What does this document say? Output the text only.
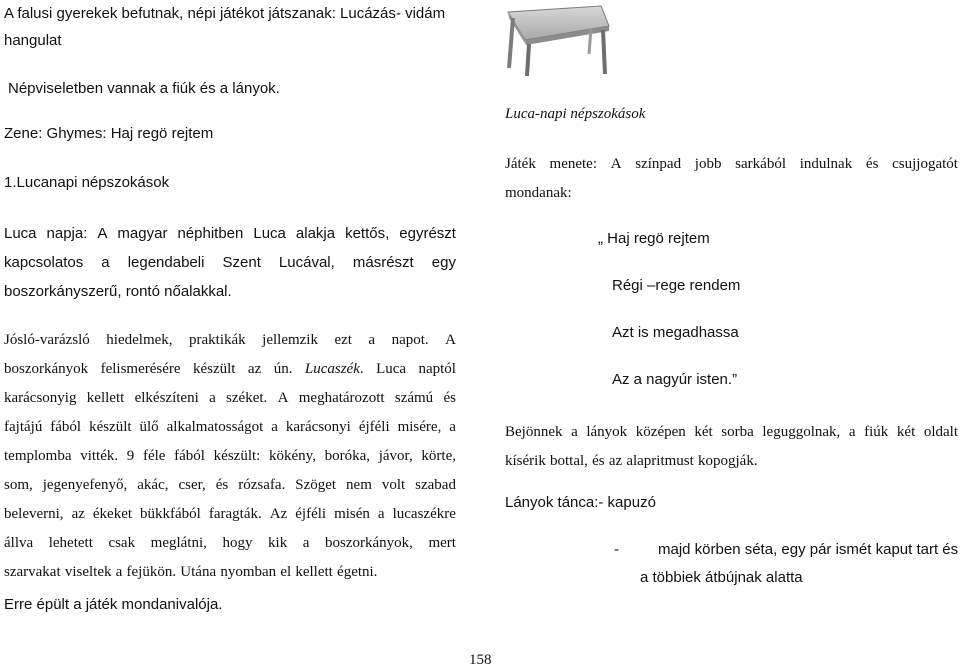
A falusi gyerekek befutnak, népi játékot játszanak: Lucázás- vidám
hangulat
Népviseletben vannak a fiúk és a lányok.
Zene: Ghymes: Haj regö rejtem
1.Lucanapi népszokások
Luca napja: A magyar néphitben Luca alakja kettős, egyrészt
kapcsolatos a legendabeli Szent Lucával, másrészt egy
boszorkányszerű, rontó nőalakkal.
Jósló-varázsló hiedelmek, praktikák jellemzik ezt a napot. A
boszorkányok felismerésére készült az ún. Lucaszék. Luca naptól
karácsonyig kellett elkészíteni a széket. A meghatározott számú és
fajtájú fából készült ülő alkalmatosságot a karácsonyi éjféli misére, a
templomba vitték. 9 féle fából készült: kökény, boróka, jávor, körte,
som, jegenyefenyő, akác, cser, és rózsafa. Szöget nem volt szabad
beleverni, az ékeket bükkfából faragták. Az éjféli misén a lucaszékre
állva lehetett csak meglátni, hogy kik a boszorkányok, mert
szarvakat viseltek a fejükön. Utána nyomban el kellett égetni.
Erre épült a játék mondanivalója.
Luca-napi népszokások
Játék menete: A színpad jobb sarkából indulnak és csujjogatót
mondanak:
„ Haj regö rejtem
Régi –rege rendem
Azt is megadhassa
Az a nagyúr isten.”
Bejönnek a lányok középen két sorba leguggolnak, a fiúk két oldalt
kísérik bottal, és az alapritmust kopogják.
Lányok tánca:- kapuzó
-	majd körben séta, egy pár ismét kaput tart és
a többiek átbújnak alatta
158
